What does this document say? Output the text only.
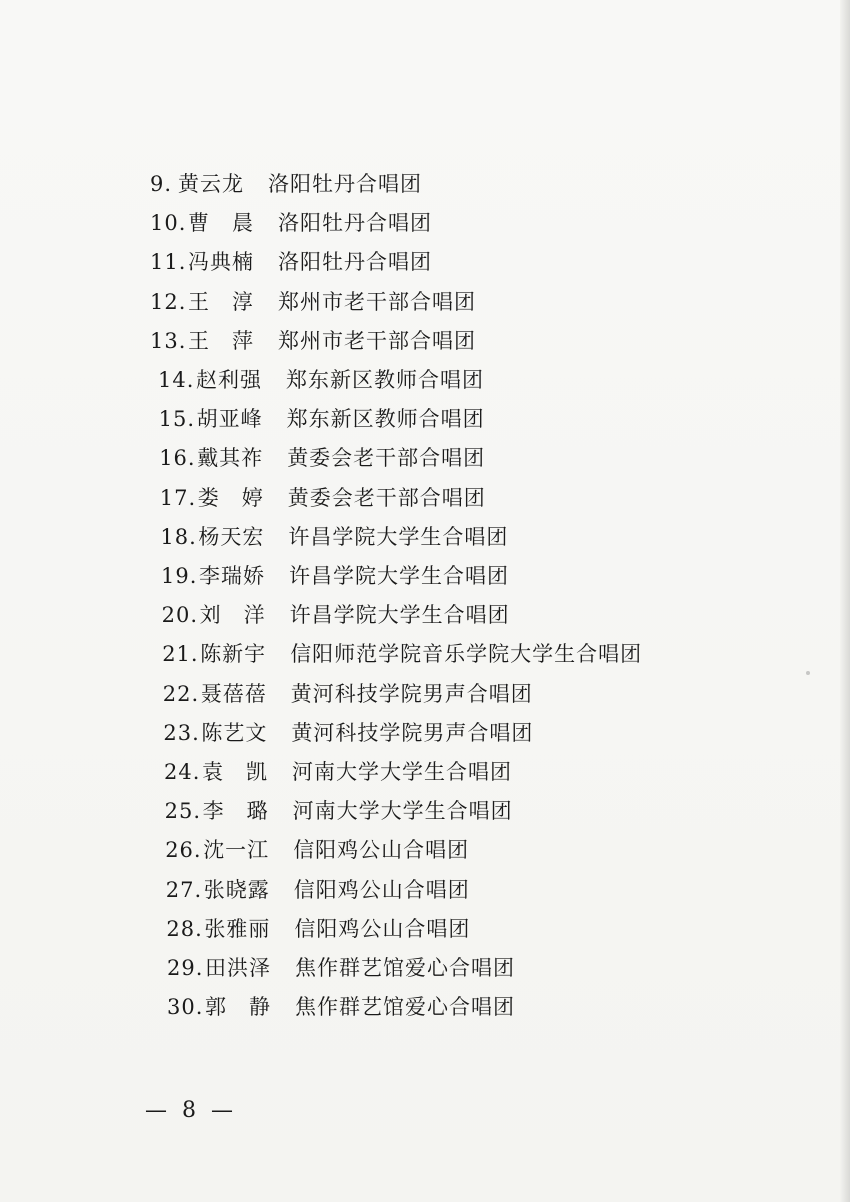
9. 黄云龙 洛阳牡丹合唱团
10.曹　晨 洛阳牡丹合唱团
11.冯典楠 洛阳牡丹合唱团
12.王　淳 郑州市老干部合唱团
13.王　萍 郑州市老干部合唱团
14.赵利强 郑东新区教师合唱团
15.胡亚峰 郑东新区教师合唱团
16.戴其祚 黄委会老干部合唱团
17.娄　婷 黄委会老干部合唱团
18.杨天宏 许昌学院大学生合唱团
19.李瑞娇 许昌学院大学生合唱团
20.刘　洋 许昌学院大学生合唱团
21.陈新宇 信阳师范学院音乐学院大学生合唱团
22.聂蓓蓓 黄河科技学院男声合唱团
23.陈艺文 黄河科技学院男声合唱团
24.袁　凯 河南大学大学生合唱团
25.李　璐 河南大学大学生合唱团
26.沈一江 信阳鸡公山合唱团
27.张晓露 信阳鸡公山合唱团
28.张雅丽 信阳鸡公山合唱团
29.田洪泽 焦作群艺馆爱心合唱团
30.郭　静 焦作群艺馆爱心合唱团
— 8 —
